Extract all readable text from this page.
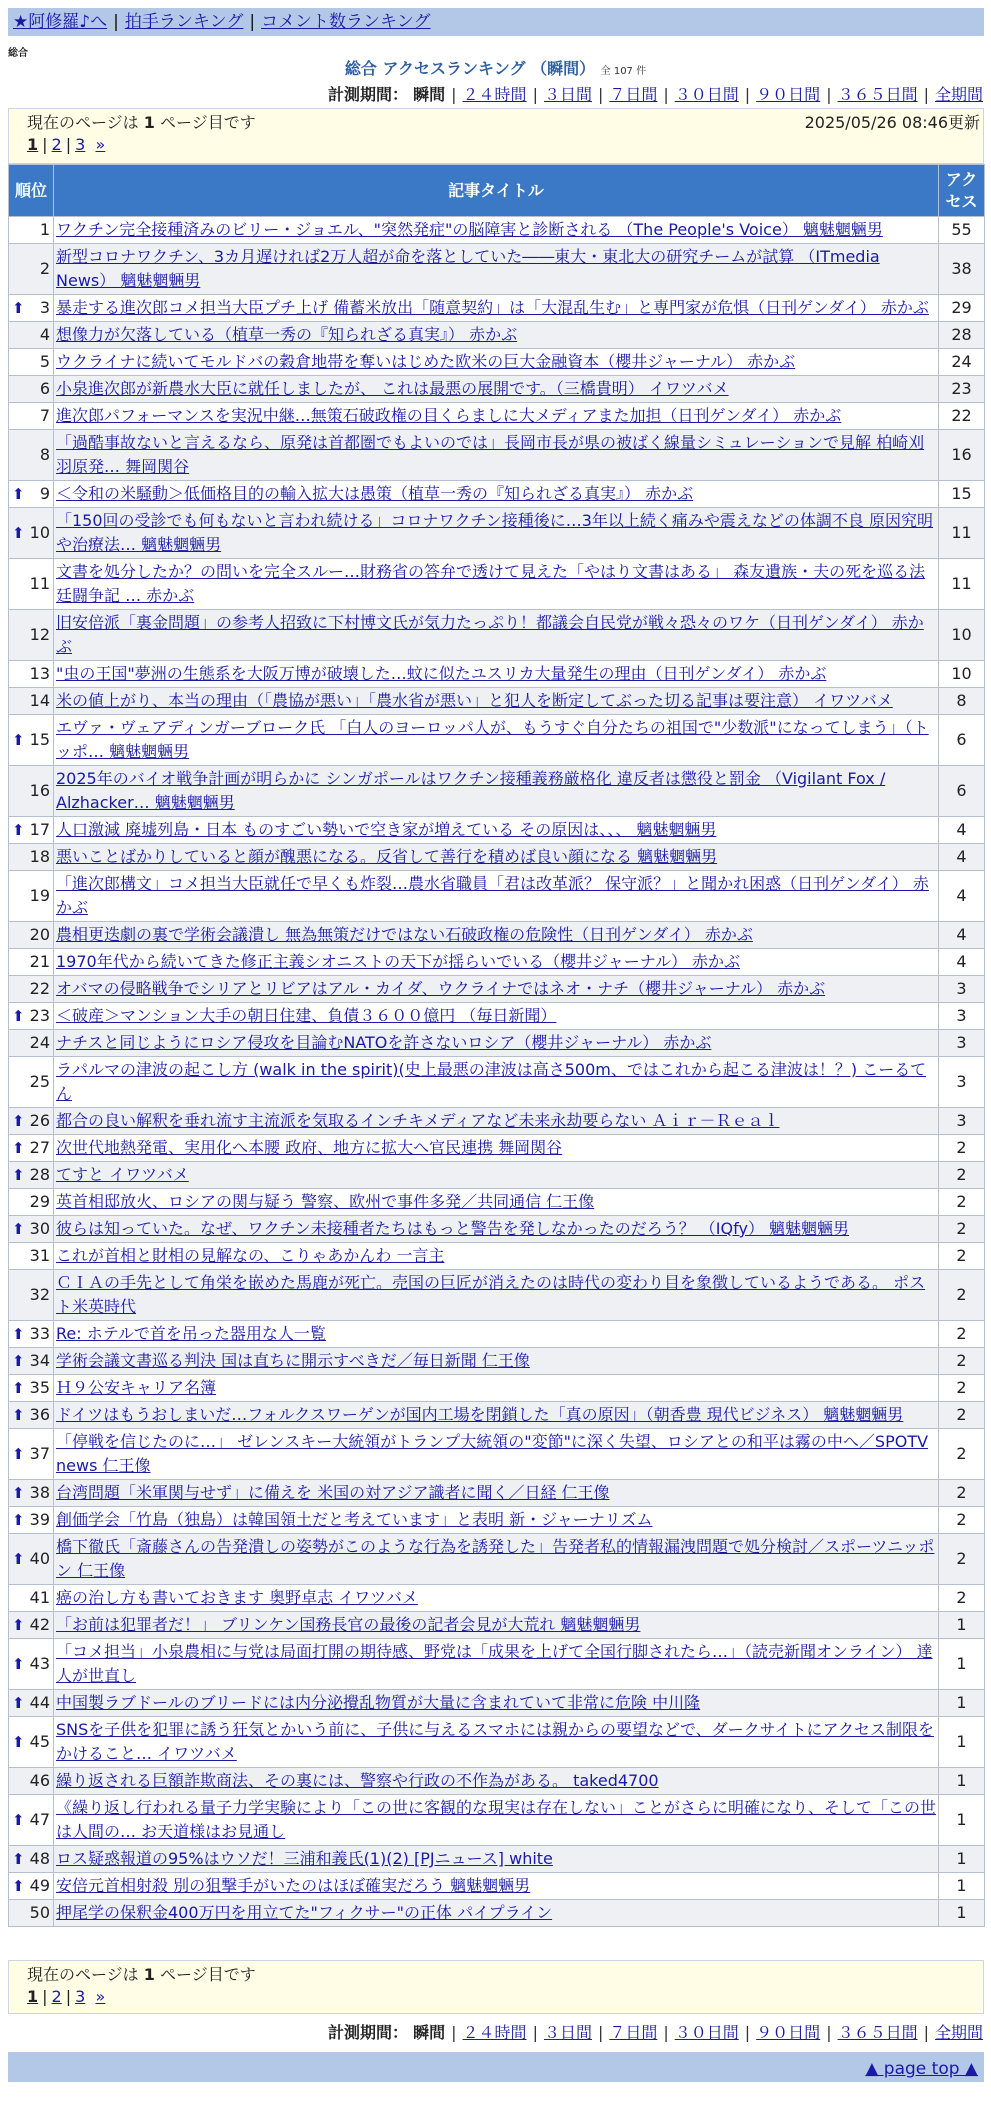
★阿修羅♪へ | 拍手ランキング | コメント数ランキング
総合
総合 アクセスランキング （瞬間） 全 107 件
計測期間： 瞬間 | ２４時間 | ３日間 | ７日間 | ３０日間 | ９０日間 | ３６５日間 | 全期間
現在のページは 1 ページ目です
1 | 2 | 3 »
2025/05/26 08:46更新
順位	記事タイトル	アクセス
1	ワクチン完全接種済みのビリー・ジョエル、"突然発症"の脳障害と診断される （The People's Voice） 魑魅魍魎男	55
2	新型コロナワクチン、3カ月遅ければ2万人超が命を落としていた――東大・東北大の研究チームが試算 （ITmedia News） 魑魅魍魎男	38

⬆ 3	暴走する進次郎コメ担当大臣プチ上げ 備蓄米放出「随意契約」は「大混乱生む」と専門家が危惧（日刊ゲンダイ） 赤かぶ	29
4	想像力が欠落している（植草一秀の『知られざる真実』） 赤かぶ	28
5	ウクライナに続いてモルドバの穀倉地帯を奪いはじめた欧米の巨大金融資本（櫻井ジャーナル） 赤かぶ	24
6	小泉進次郎が新農水大臣に就任しましたが、 これは最悪の展開です。（三橋貴明） イワツバメ	23
7	進次郎パフォーマンスを実況中継…無策石破政権の目くらましに大メディアまた加担（日刊ゲンダイ） 赤かぶ	22
8	「過酷事故ないと言えるなら、原発は首都圏でもよいのでは」長岡市長が県の被ばく線量シミュレーションで見解 柏崎刈羽原発… 舞岡関谷	16

⬆ 9	＜令和の米騒動＞低価格目的の輸入拡大は愚策（植草一秀の『知られざる真実』） 赤かぶ	15

⬆ 10	「150回の受診でも何もないと言われ続ける」コロナワクチン接種後に…3年以上続く痛みや震えなどの体調不良 原因究明や治療法… 魑魅魍魎男	11
11	文書を処分したか？の問いを完全スルー…財務省の答弁で透けて見えた「やはり文書はある」 森友遺族・夫の死を巡る法廷闘争記 … 赤かぶ	11
12	旧安倍派「裏金問題」の参考人招致に下村博文氏が気力たっぷり！都議会自民党が戦々恐々のワケ（日刊ゲンダイ） 赤かぶ	10
13	"虫の王国"夢洲の生態系を大阪万博が破壊した…蚊に似たユスリカ大量発生の理由（日刊ゲンダイ） 赤かぶ	10
14	米の値上がり、本当の理由（「農協が悪い」「農水省が悪い」と犯人を断定してぶった切る記事は要注意） イワツバメ	8

⬆ 15	エヴァ・ヴェアディンガーブローク氏 「白人のヨーロッパ人が、もうすぐ自分たちの祖国で"少数派"になってしまう」（トッポ… 魑魅魍魎男	6
16	2025年のバイオ戦争計画が明らかに シンガポールはワクチン接種義務厳格化 違反者は懲役と罰金 （Vigilant Fox / Alzhacker… 魑魅魍魎男	6

⬆ 17	人口激減 廃墟列島・日本 ものすごい勢いで空き家が増えている その原因は、、、 魑魅魍魎男	4
18	悪いことばかりしていると顔が醜悪になる。反省して善行を積めば良い顔になる 魑魅魍魎男	4
19	「進次郎構文」コメ担当大臣就任で早くも炸裂…農水省職員「君は改革派？ 保守派？」と聞かれ困惑（日刊ゲンダイ） 赤かぶ	4
20	農相更迭劇の裏で学術会議潰し 無為無策だけではない石破政権の危険性（日刊ゲンダイ） 赤かぶ	4
21	1970年代から続いてきた修正主義シオニストの天下が揺らいでいる（櫻井ジャーナル） 赤かぶ	4
22	オバマの侵略戦争でシリアとリビアはアル・カイダ、ウクライナではネオ・ナチ（櫻井ジャーナル） 赤かぶ	3

⬆ 23	＜破産＞マンション大手の朝日住建、負債３６００億円 （毎日新聞）	3
24	ナチスと同じようにロシア侵攻を目論むNATOを許さないロシア（櫻井ジャーナル） 赤かぶ	3
25	ラパルマの津波の起こし方 (walk in the spirit)(史上最悪の津波は高さ500m、ではこれから起こる津波は！？) こーるてん	3

⬆ 26	都合の良い解釈を垂れ流す主流派を気取るインチキメディアなど未来永劫要らない Ａｉｒ－Ｒｅａｌ	3

⬆ 27	次世代地熱発電、実用化へ本腰 政府、地方に拡大へ官民連携 舞岡関谷	2

⬆ 28	てすと イワツバメ	2
29	英首相邸放火、ロシアの関与疑う 警察、欧州で事件多発／共同通信 仁王像	2

⬆ 30	彼らは知っていた。なぜ、ワクチン未接種者たちはもっと警告を発しなかったのだろう？ （IQfy） 魑魅魍魎男	2
31	これが首相と財相の見解なの、こりゃあかんわ 一言主	2
32	ＣＩＡの手先として角栄を嵌めた馬鹿が死亡。売国の巨匠が消えたのは時代の変わり目を象徴しているようである。 ポスト米英時代	2

⬆ 33	Re: ホテルで首を吊った器用な人一覧	2

⬆ 34	学術会議文書巡る判決 国は直ちに開示すべきだ／毎日新聞 仁王像	2

⬆ 35	Ｈ９公安キャリア名簿	2

⬆ 36	ドイツはもうおしまいだ…フォルクスワーゲンが国内工場を閉鎖した「真の原因」（朝香豊 現代ビジネス） 魑魅魍魎男	2

⬆ 37	「停戦を信じたのに…」 ゼレンスキー大統領がトランプ大統領の"変節"に深く失望、ロシアとの和平は霧の中へ／SPOTV news 仁王像	2

⬆ 38	台湾問題「米軍関与せず」に備えを 米国の対アジア識者に聞く／日経 仁王像	2

⬆ 39	創価学会「竹島（独島）は韓国領土だと考えています」と表明 新・ジャーナリズム	2

⬆ 40	橋下徹氏「斎藤さんの告発潰しの姿勢がこのような行為を誘発した」告発者私的情報漏洩問題で処分検討／スポーツニッポン 仁王像	2
41	癌の治し方も書いておきます 奥野卓志 イワツバメ	2

⬆ 42	「お前は犯罪者だ！」 ブリンケン国務長官の最後の記者会見が大荒れ 魑魅魍魎男	1

⬆ 43	「コメ担当」小泉農相に与党は局面打開の期待感、野党は「成果を上げて全国行脚されたら…」（読売新聞オンライン） 達人が世直し	1

⬆ 44	中国製ラブドールのブリードには内分泌攪乱物質が大量に含まれていて非常に危険 中川隆	1

⬆ 45	SNSを子供を犯罪に誘う狂気とかいう前に、子供に与えるスマホには親からの要望などで、ダークサイトにアクセス制限をかけること… イワツバメ	1
46	繰り返される巨額詐欺商法、その裏には、警察や行政の不作為がある。 taked4700	1

⬆ 47	《繰り返し行われる量子力学実験により「この世に客観的な現実は存在しない」ことがさらに明確になり、そして「この世は人間の… お天道様はお見通し	1

⬆ 48	ロス疑惑報道の95%はウソだ！三浦和義氏(1)(2) [PJニュース] white	1

⬆ 49	安倍元首相射殺 別の狙撃手がいたのはほぼ確実だろう 魑魅魍魎男	1
50	押尾学の保釈金400万円を用立てた"フィクサー"の正体 パイプライン	1
現在のページは 1 ページ目です
1 | 2 | 3 »
計測期間： 瞬間 | ２４時間 | ３日間 | ７日間 | ３０日間 | ９０日間 | ３６５日間 | 全期間
▲ page top ▲
